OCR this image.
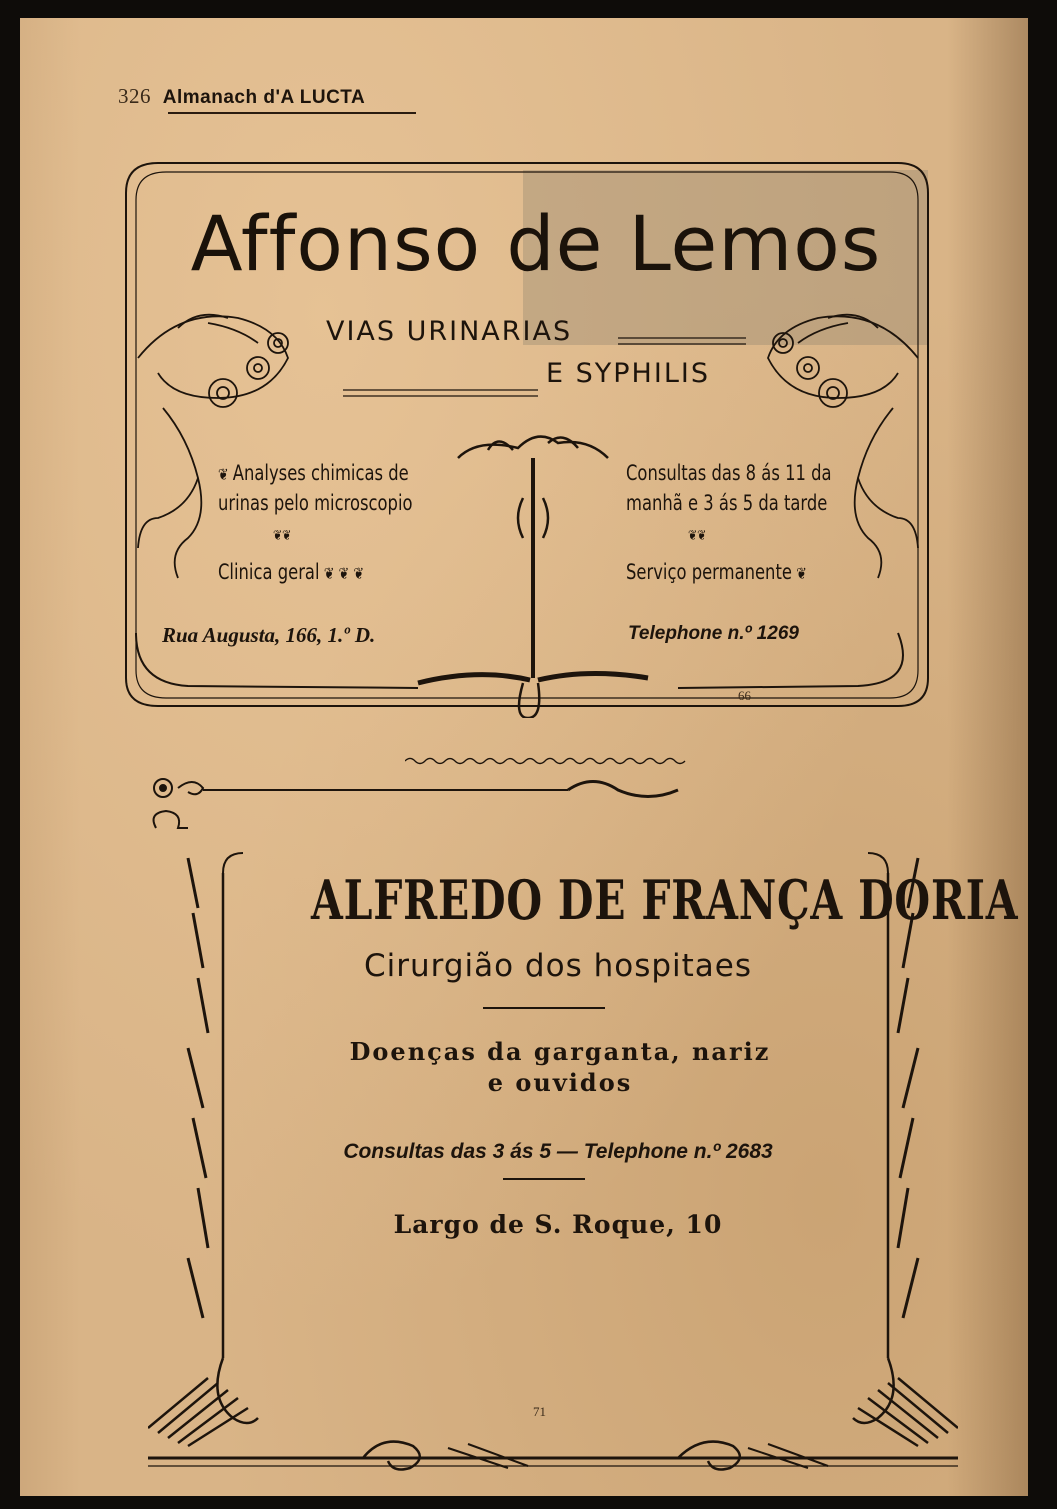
326 Almanach d'A LUCTA
Affonso de Lemos
VIAS URINARIAS
E SYPHILIS
❦ Analyses chimicas de
urinas pelo microscopio
❦❦
Clinica geral ❦ ❦ ❦
Consultas das 8 ás 11 da
manhã e 3 ás 5 da tarde
❦❦
Serviço permanente ❦
Rua Augusta, 166, 1.º D.	Telephone n.º 1269
66
ALFREDO DE FRANÇA DORIA
Cirurgião dos hospitaes
Doenças da garganta, nariz
e ouvidos
Consultas das 3 ás 5 — Telephone n.º 2683
Largo de S. Roque, 10
71
